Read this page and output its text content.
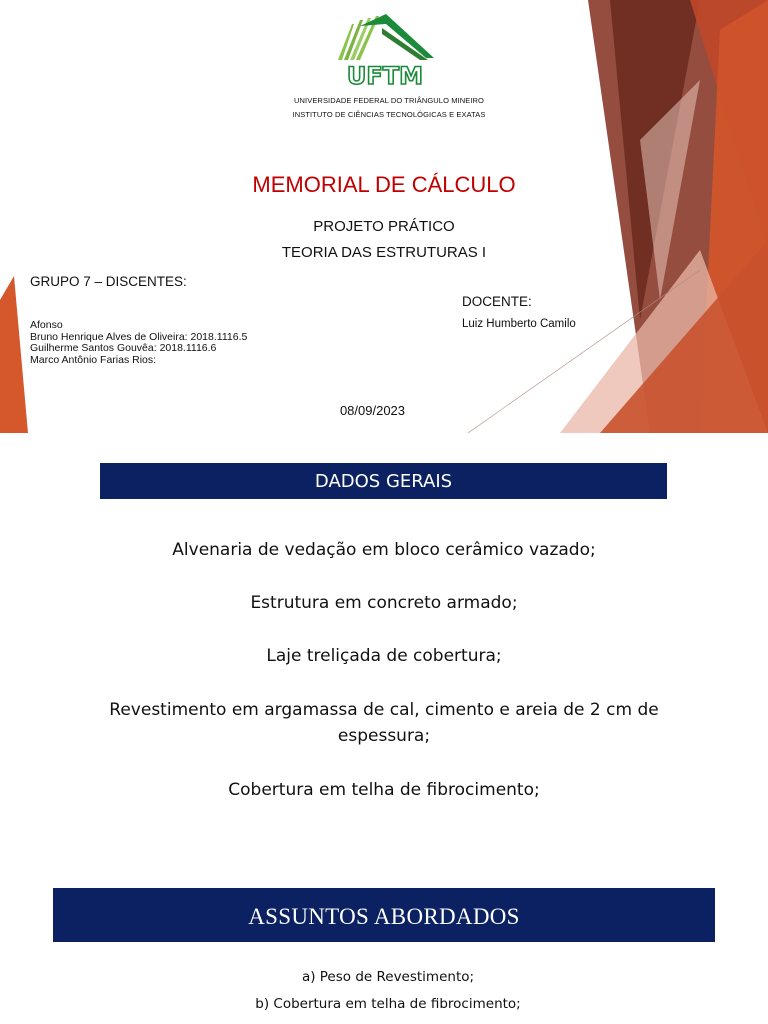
UFTM
UNIVERSIDADE FEDERAL DO TRIÂNGULO MINEIRO
INSTITUTO DE CIÊNCIAS TECNOLÓGICAS E EXATAS
MEMORIAL DE CÁLCULO
PROJETO PRÁTICO
TEORIA DAS ESTRUTURAS I
GRUPO 7 – DISCENTES:
Afonso
Bruno Henrique Alves de Oliveira: 2018.1116.5
Guilherme Santos Gouvêa: 2018.1116.6
Marco Antônio Farias Rios:
DOCENTE:
Luiz Humberto Camilo
08/09/2023
DADOS GERAIS
Alvenaria de vedação em bloco cerâmico vazado;
Estrutura em concreto armado;
Laje treliçada de cobertura;
Revestimento em argamassa de cal, cimento e areia de 2 cm de espessura;
Cobertura em telha de fibrocimento;
ASSUNTOS ABORDADOS
a) Peso de Revestimento;
b) Cobertura em telha de fibrocimento;
